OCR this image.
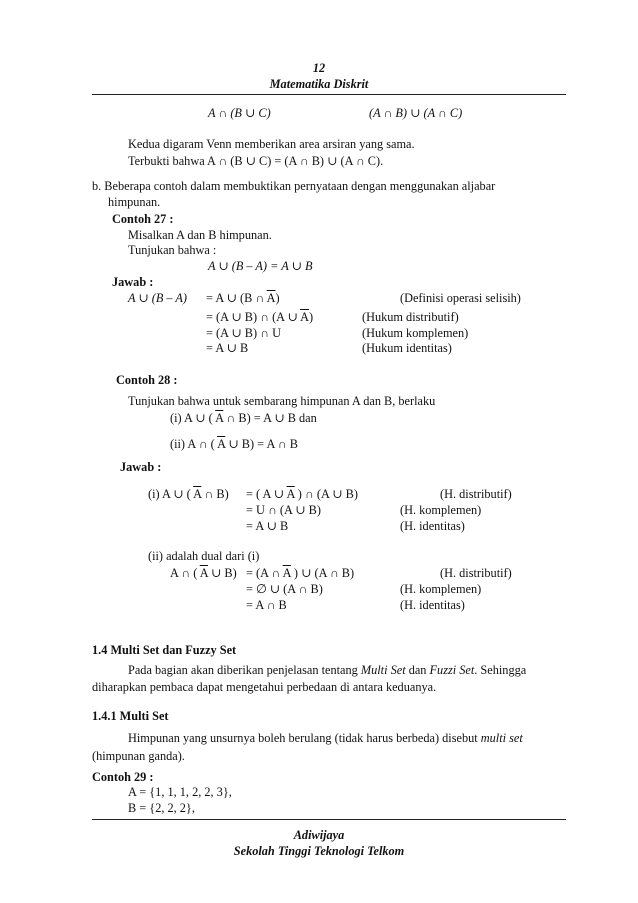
12
Matematika Diskrit
A ∩ (B ∪ C)	(A ∩ B) ∪ (A ∩ C)
Kedua digaram Venn memberikan area arsiran yang sama.
Terbukti bahwa A ∩ (B ∪ C) = (A ∩ B) ∪ (A ∩ C).
b. Beberapa contoh dalam membuktikan pernyataan dengan menggunakan aljabar
himpunan.
Contoh 27 :
Misalkan A dan B himpunan.
Tunjukan bahwa :
A ∪ (B – A) = A ∪ B
Jawab :
A ∪ (B – A) = A ∪ (B ∩ $\overline{A}$)	(Definisi operasi selisih)
= (A ∪ B) ∩ (A ∪ $\overline{A}$)	(Hukum distributif)
= (A ∪ B) ∩ U	(Hukum komplemen)
= A ∪ B	(Hukum identitas)
Contoh 28 :
Tunjukan bahwa untuk sembarang himpunan A dan B, berlaku
(i) A ∪ ( $\overline{A}$ ∩ B) = A ∪ B dan
(ii) A ∩ ( $\overline{A}$ ∪ B) = A ∩ B
Jawab :
(i) A ∪ ( $\overline{A}$ ∩ B) = ( A ∪ $\overline{A}$ ) ∩ (A ∪ B)	(H. distributif)
= U ∩ (A ∪ B)	(H. komplemen)
= A ∪ B	(H. identitas)
(ii) adalah dual dari (i)
A ∩ ( $\overline{A}$ ∪ B) = (A ∩ $\overline{A}$ ) ∪ (A ∩ B)	(H. distributif)
= ∅ ∪ (A ∩ B)	(H. komplemen)
= A ∩ B	(H. identitas)
1.4 Multi Set dan Fuzzy Set
Pada bagian akan diberikan penjelasan tentang Multi Set dan Fuzzi Set. Sehingga
diharapkan pembaca dapat mengetahui perbedaan di antara keduanya.
1.4.1 Multi Set
Himpunan yang unsurnya boleh berulang (tidak harus berbeda) disebut multi set
(himpunan ganda).
Contoh 29 :
A = {1, 1, 1, 2, 2, 3},
B = {2, 2, 2},
Adiwijaya
Sekolah Tinggi Teknologi Telkom
